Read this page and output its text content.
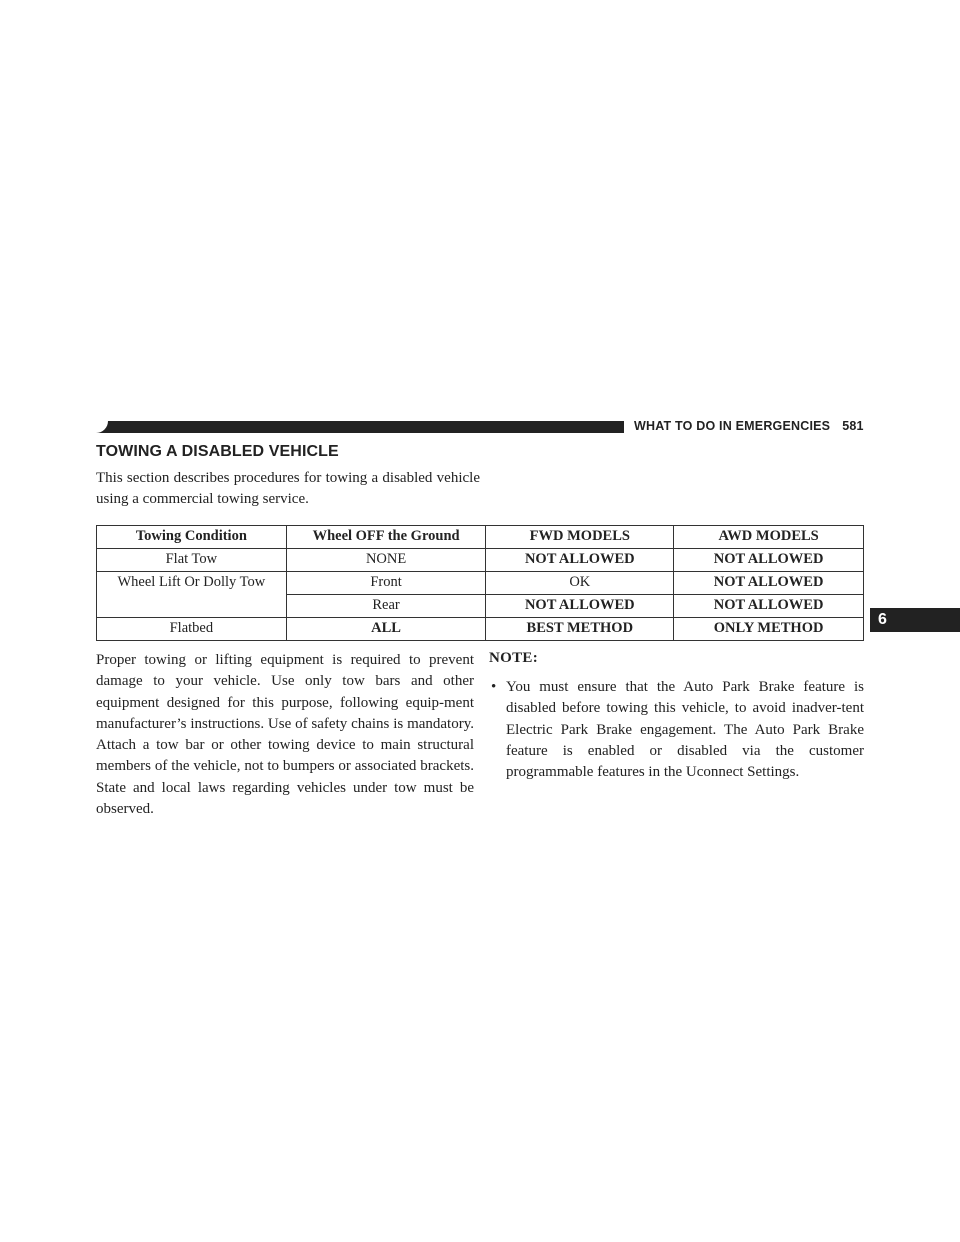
WHAT TO DO IN EMERGENCIES 581
TOWING A DISABLED VEHICLE
This section describes procedures for towing a disabled vehicle using a commercial towing service.
Towing Condition	Wheel OFF the Ground	FWD MODELS	AWD MODELS
Flat Tow	NONE	NOT ALLOWED	NOT ALLOWED
Wheel Lift Or Dolly Tow	Front	OK	NOT ALLOWED
	Rear	NOT ALLOWED	NOT ALLOWED
Flatbed	ALL	BEST METHOD	ONLY METHOD
Proper towing or lifting equipment is required to prevent damage to your vehicle. Use only tow bars and other equipment designed for this purpose, following equip-ment manufacturer’s instructions. Use of safety chains is mandatory. Attach a tow bar or other towing device to main structural members of the vehicle, not to bumpers or associated brackets. State and local laws regarding vehicles under tow must be observed.
NOTE:
• You must ensure that the Auto Park Brake feature is disabled before towing this vehicle, to avoid inadver-tent Electric Park Brake engagement. The Auto Park Brake feature is enabled or disabled via the customer programmable features in the Uconnect Settings.
6
